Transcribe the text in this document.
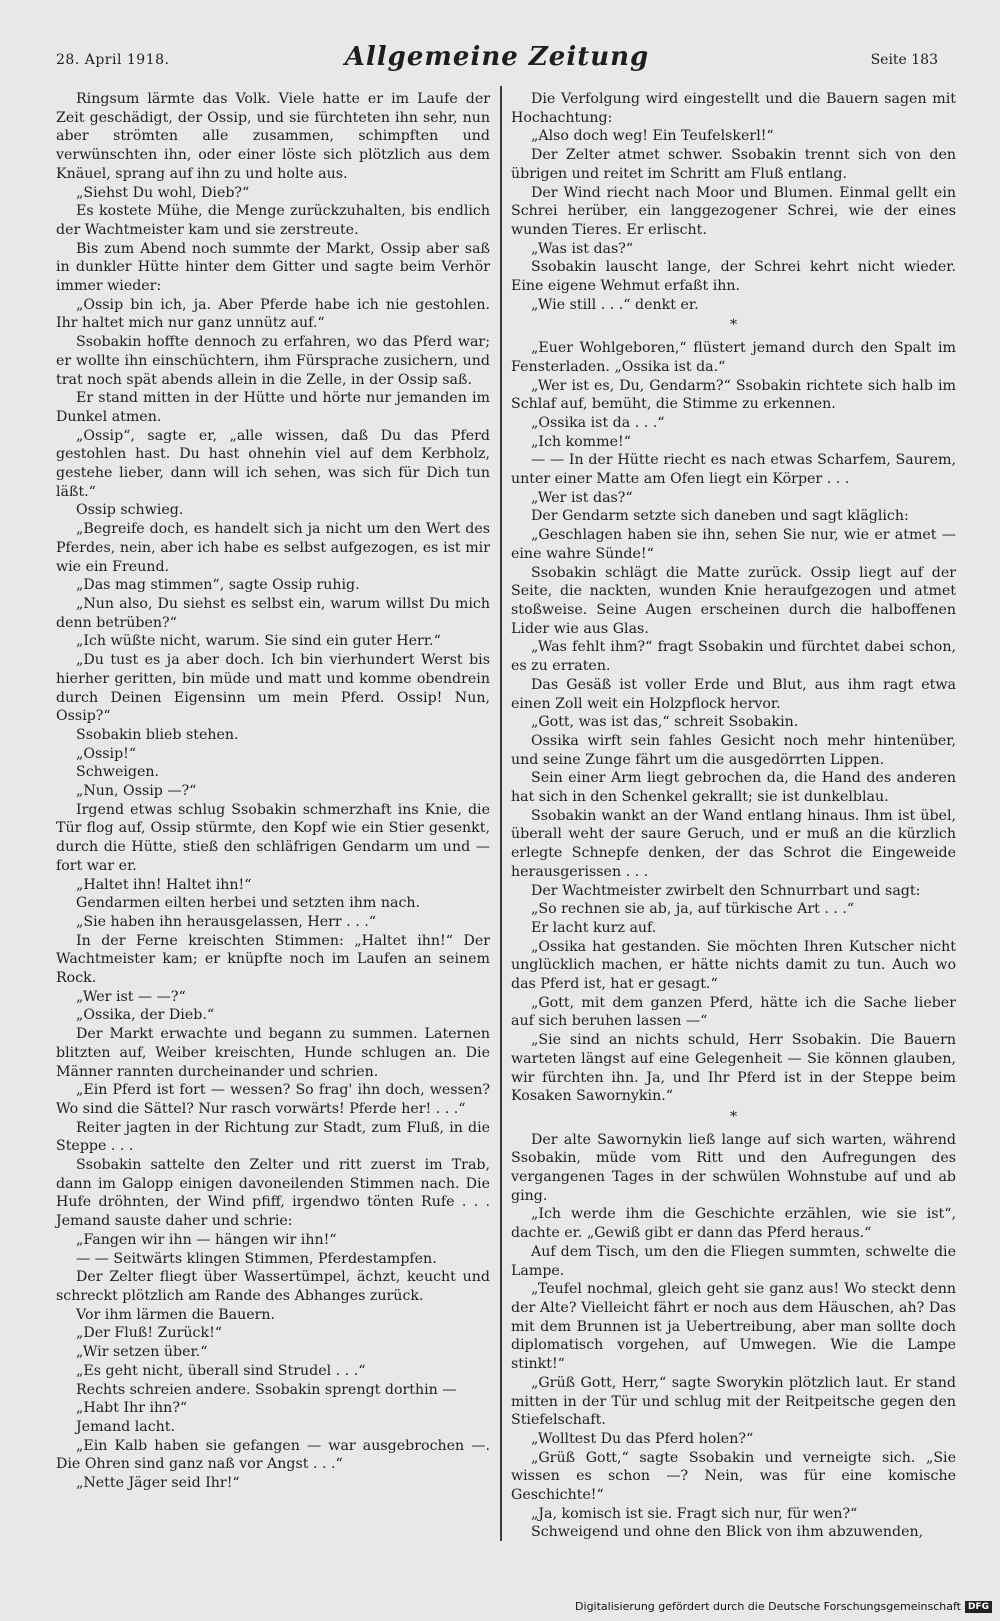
28. April 1918.	Allgemeine Zeitung	Seite 183

Ringsum lärmte das Volk. Viele hatte er im Laufe der Zeit geschädigt, der Ossip, und sie fürchteten ihn sehr, nun aber strömten alle zusammen, schimpften und verwünschten ihn, oder einer löste sich plötzlich aus dem Knäuel, sprang auf ihn zu und holte aus.

„Siehst Du wohl, Dieb?“

Es kostete Mühe, die Menge zurückzuhalten, bis endlich der Wachtmeister kam und sie zerstreute.

Bis zum Abend noch summte der Markt, Ossip aber saß in dunkler Hütte hinter dem Gitter und sagte beim Verhör immer wieder:

„Ossip bin ich, ja. Aber Pferde habe ich nie gestohlen. Ihr haltet mich nur ganz unnütz auf.“

Ssobakin hoffte dennoch zu erfahren, wo das Pferd war; er wollte ihn einschüchtern, ihm Fürsprache zusichern, und trat noch spät abends allein in die Zelle, in der Ossip saß.

Er stand mitten in der Hütte und hörte nur jemanden im Dunkel atmen.

„Ossip“, sagte er, „alle wissen, daß Du das Pferd gestohlen hast. Du hast ohnehin viel auf dem Kerbholz, gestehe lieber, dann will ich sehen, was sich für Dich tun läßt.“

Ossip schwieg.

„Begreife doch, es handelt sich ja nicht um den Wert des Pferdes, nein, aber ich habe es selbst aufgezogen, es ist mir wie ein Freund.

„Das mag stimmen“, sagte Ossip ruhig.

„Nun also, Du siehst es selbst ein, warum willst Du mich denn betrüben?“

„Ich wüßte nicht, warum. Sie sind ein guter Herr.“

„Du tust es ja aber doch. Ich bin vierhundert Werst bis hierher geritten, bin müde und matt und komme obendrein durch Deinen Eigensinn um mein Pferd. Ossip! Nun, Ossip?“

Ssobakin blieb stehen.

„Ossip!“

Schweigen.

„Nun, Ossip —?“

Irgend etwas schlug Ssobakin schmerzhaft ins Knie, die Tür flog auf, Ossip stürmte, den Kopf wie ein Stier gesenkt, durch die Hütte, stieß den schläfrigen Gendarm um und — fort war er.

„Haltet ihn! Haltet ihn!“

Gendarmen eilten herbei und setzten ihm nach.

„Sie haben ihn herausgelassen, Herr . . .“

In der Ferne kreischten Stimmen: „Haltet ihn!“ Der Wachtmeister kam; er knüpfte noch im Laufen an seinem Rock.

„Wer ist — —?“

„Ossika, der Dieb.“

Der Markt erwachte und begann zu summen. Laternen blitzten auf, Weiber kreischten, Hunde schlugen an. Die Männer rannten durcheinander und schrien.

„Ein Pferd ist fort — wessen? So frag' ihn doch, wessen? Wo sind die Sättel? Nur rasch vorwärts! Pferde her! . . .“

Reiter jagten in der Richtung zur Stadt, zum Fluß, in die Steppe . . .

Ssobakin sattelte den Zelter und ritt zuerst im Trab, dann im Galopp einigen davoneilenden Stimmen nach. Die Hufe dröhnten, der Wind pfiff, irgendwo tönten Rufe . . . Jemand sauste daher und schrie:

„Fangen wir ihn — hängen wir ihn!“

— — Seitwärts klingen Stimmen, Pferdestampfen.

Der Zelter fliegt über Wassertümpel, ächzt, keucht und schreckt plötzlich am Rande des Abhanges zurück.

Vor ihm lärmen die Bauern.

„Der Fluß! Zurück!“

„Wir setzen über.“

„Es geht nicht, überall sind Strudel . . .“

Rechts schreien andere. Ssobakin sprengt dorthin —

„Habt Ihr ihn?“

Jemand lacht.

„Ein Kalb haben sie gefangen — war ausgebrochen —. Die Ohren sind ganz naß vor Angst . . .“

„Nette Jäger seid Ihr!“

Die Verfolgung wird eingestellt und die Bauern sagen mit Hochachtung:

„Also doch weg! Ein Teufelskerl!“

Der Zelter atmet schwer. Ssobakin trennt sich von den übrigen und reitet im Schritt am Fluß entlang.

Der Wind riecht nach Moor und Blumen. Einmal gellt ein Schrei herüber, ein langgezogener Schrei, wie der eines wunden Tieres. Er erlischt.

„Was ist das?“

Ssobakin lauscht lange, der Schrei kehrt nicht wieder. Eine eigene Wehmut erfaßt ihn.

„Wie still . . .“ denkt er.

*

„Euer Wohlgeboren,“ flüstert jemand durch den Spalt im Fensterladen. „Ossika ist da.“

„Wer ist es, Du, Gendarm?“ Ssobakin richtete sich halb im Schlaf auf, bemüht, die Stimme zu erkennen.

„Ossika ist da . . .“

„Ich komme!“

— — In der Hütte riecht es nach etwas Scharfem, Saurem, unter einer Matte am Ofen liegt ein Körper . . .

„Wer ist das?“

Der Gendarm setzte sich daneben und sagt kläglich:

„Geschlagen haben sie ihn, sehen Sie nur, wie er atmet — eine wahre Sünde!“

Ssobakin schlägt die Matte zurück. Ossip liegt auf der Seite, die nackten, wunden Knie heraufgezogen und atmet stoßweise. Seine Augen erscheinen durch die halboffenen Lider wie aus Glas.

„Was fehlt ihm?“ fragt Ssobakin und fürchtet dabei schon, es zu erraten.

Das Gesäß ist voller Erde und Blut, aus ihm ragt etwa einen Zoll weit ein Holzpflock hervor.

„Gott, was ist das,“ schreit Ssobakin.

Ossika wirft sein fahles Gesicht noch mehr hintenüber, und seine Zunge fährt um die ausgedörrten Lippen.

Sein einer Arm liegt gebrochen da, die Hand des anderen hat sich in den Schenkel gekrallt; sie ist dunkelblau.

Ssobakin wankt an der Wand entlang hinaus. Ihm ist übel, überall weht der saure Geruch, und er muß an die kürzlich erlegte Schnepfe denken, der das Schrot die Eingeweide herausgerissen . . .

Der Wachtmeister zwirbelt den Schnurrbart und sagt:

„So rechnen sie ab, ja, auf türkische Art . . .“

Er lacht kurz auf.

„Ossika hat gestanden. Sie möchten Ihren Kutscher nicht unglücklich machen, er hätte nichts damit zu tun. Auch wo das Pferd ist, hat er gesagt.“

„Gott, mit dem ganzen Pferd, hätte ich die Sache lieber auf sich beruhen lassen —“

„Sie sind an nichts schuld, Herr Ssobakin. Die Bauern warteten längst auf eine Gelegenheit — Sie können glauben, wir fürchten ihn. Ja, und Ihr Pferd ist in der Steppe beim Kosaken Sawornykin.“

*

Der alte Sawornykin ließ lange auf sich warten, während Ssobakin, müde vom Ritt und den Aufregungen des vergangenen Tages in der schwülen Wohnstube auf und ab ging.

„Ich werde ihm die Geschichte erzählen, wie sie ist“, dachte er. „Gewiß gibt er dann das Pferd heraus.“

Auf dem Tisch, um den die Fliegen summten, schwelte die Lampe.

„Teufel nochmal, gleich geht sie ganz aus! Wo steckt denn der Alte? Vielleicht fährt er noch aus dem Häuschen, ah? Das mit dem Brunnen ist ja Uebertreibung, aber man sollte doch diplomatisch vorgehen, auf Umwegen. Wie die Lampe stinkt!“

„Grüß Gott, Herr,“ sagte Sworykin plötzlich laut. Er stand mitten in der Tür und schlug mit der Reitpeitsche gegen den Stiefelschaft.

„Wolltest Du das Pferd holen?“

„Grüß Gott,“ sagte Ssobakin und verneigte sich. „Sie wissen es schon —? Nein, was für eine komische Geschichte!“

„Ja, komisch ist sie. Fragt sich nur, für wen?“

Schweigend und ohne den Blick von ihm abzuwenden,

Digitalisierung gefördert durch die Deutsche Forschungsgemeinschaft DFG
